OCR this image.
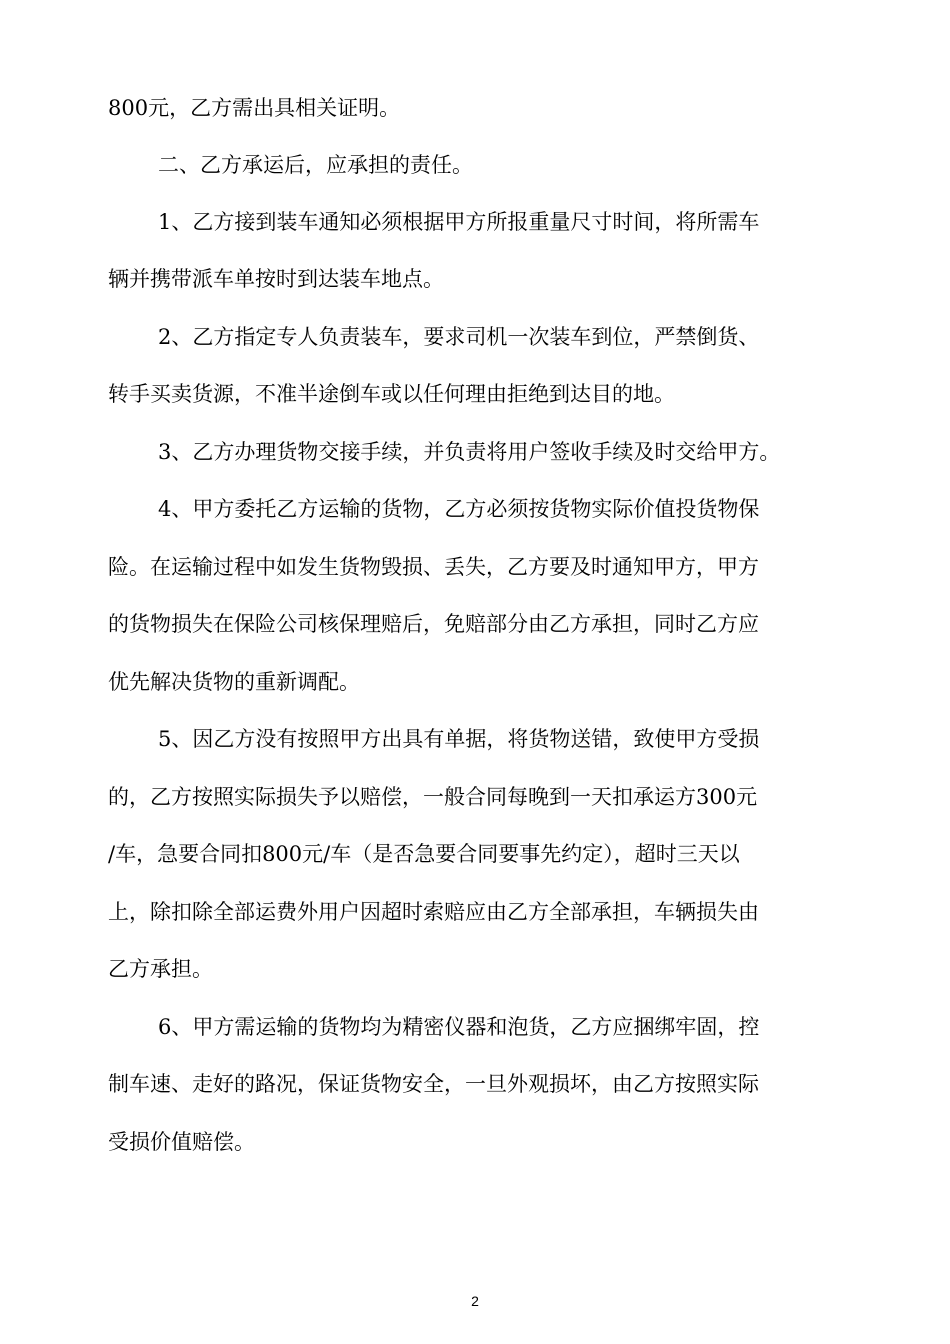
800元，乙方需出具相关证明。
二、乙方承运后，应承担的责任。
1、乙方接到装车通知必须根据甲方所报重量尺寸时间，将所需车
辆并携带派车单按时到达装车地点。
2、乙方指定专人负责装车，要求司机一次装车到位，严禁倒货、
转手买卖货源，不准半途倒车或以任何理由拒绝到达目的地。
3、乙方办理货物交接手续，并负责将用户签收手续及时交给甲方。
4、甲方委托乙方运输的货物，乙方必须按货物实际价值投货物保
险。在运输过程中如发生货物毁损、丢失，乙方要及时通知甲方，甲方
的货物损失在保险公司核保理赔后，免赔部分由乙方承担，同时乙方应
优先解决货物的重新调配。
5、因乙方没有按照甲方出具有单据，将货物送错，致使甲方受损
的，乙方按照实际损失予以赔偿，一般合同每晚到一天扣承运方300元
/车，急要合同扣800元/车（是否急要合同要事先约定），超时三天以
上，除扣除全部运费外用户因超时索赔应由乙方全部承担，车辆损失由
乙方承担。
6、甲方需运输的货物均为精密仪器和泡货，乙方应捆绑牢固，控
制车速、走好的路况，保证货物安全，一旦外观损坏，由乙方按照实际
受损价值赔偿。
2
